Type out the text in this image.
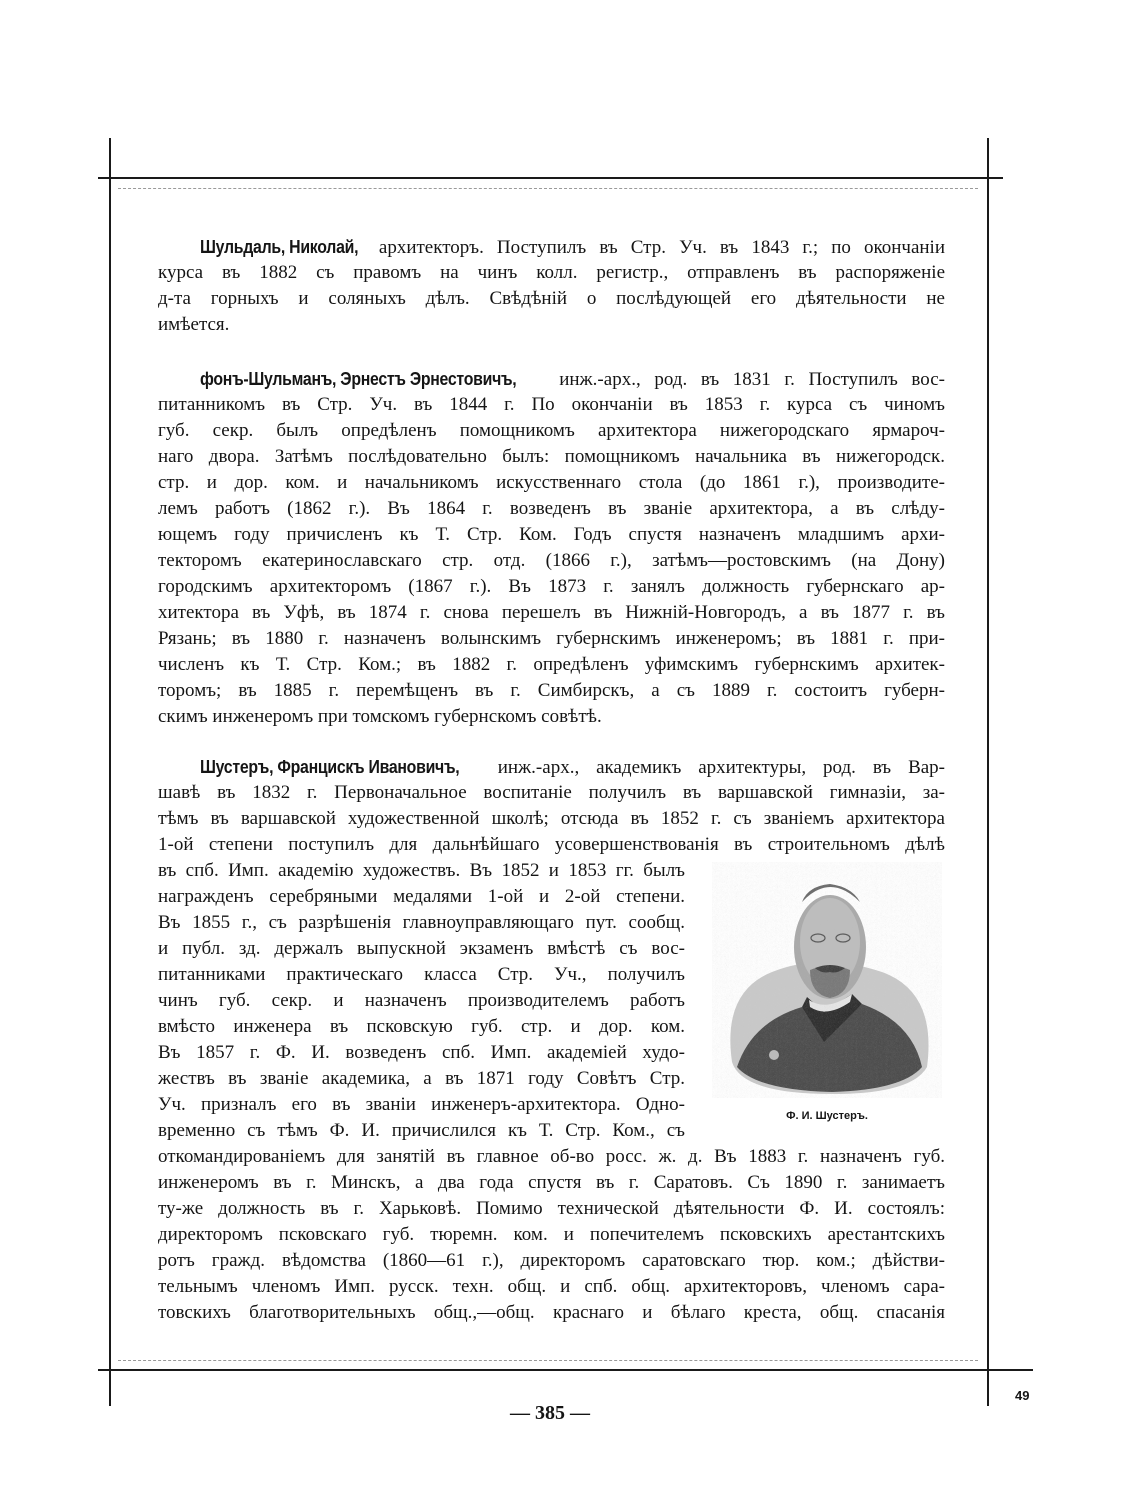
Шульдаль, Николай, архитекторъ. Поступилъ въ Стр. Уч. въ 1843 г.; по окончаніи
курса въ 1882 съ правомъ на чинъ колл. регистр., отправленъ въ распоряженіе
д-та горныхъ и соляныхъ дѣлъ. Свѣдѣній о послѣдующей его дѣятельности не
имѣется.
фонъ-Шульманъ, Эрнестъ Эрнестовичъ, инж.-арх., род. въ 1831 г. Поступилъ вос-
питанникомъ въ Стр. Уч. въ 1844 г. По окончаніи въ 1853 г. курса съ чиномъ
губ. секр. былъ опредѣленъ помощникомъ архитектора нижегородскаго ярмароч-
наго двора. Затѣмъ послѣдовательно былъ: помощникомъ начальника въ нижегородск.
стр. и дор. ком. и начальникомъ искусственнаго стола (до 1861 г.), производите-
лемъ работъ (1862 г.). Въ 1864 г. возведенъ въ званіе архитектора, а въ слѣду-
ющемъ году причисленъ къ Т. Стр. Ком. Годъ спустя назначенъ младшимъ архи-
текторомъ екатеринославскаго стр. отд. (1866 г.), затѣмъ—ростовскимъ (на Дону)
городскимъ архитекторомъ (1867 г.). Въ 1873 г. занялъ должность губернскаго ар-
хитектора въ Уфѣ, въ 1874 г. снова перешелъ въ Нижній-Новгородъ, а въ 1877 г. въ
Рязань; въ 1880 г. назначенъ волынскимъ губернскимъ инженеромъ; въ 1881 г. при-
численъ къ Т. Стр. Ком.; въ 1882 г. опредѣленъ уфимскимъ губернскимъ архитек-
торомъ; въ 1885 г. перемѣщенъ въ г. Симбирскъ, а съ 1889 г. состоитъ губерн-
скимъ инженеромъ при томскомъ губернскомъ совѣтѣ.
Шустеръ, Францискъ Ивановичъ, инж.-арх., академикъ архитектуры, род. въ Вар-
шавѣ въ 1832 г. Первоначальное воспитаніе получилъ въ варшавской гимназіи, за-
тѣмъ въ варшавской художественной школѣ; отсюда въ 1852 г. съ званіемъ архитектора
1-ой степени поступилъ для дальнѣйшаго усовершенствованія въ строительномъ дѣлѣ
въ спб. Имп. академію художествъ. Въ 1852 и 1853 гг. былъ
награжденъ серебряными медалями 1-ой и 2-ой степени.
Въ 1855 г., съ разрѣшенія главноуправляющаго пут. сообщ.
и публ. зд. держалъ выпускной экзаменъ вмѣстѣ съ вос-
питанниками практическаго класса Стр. Уч., получилъ
чинъ губ. секр. и назначенъ производителемъ работъ
вмѣсто инженера въ псковскую губ. стр. и дор. ком.
Въ 1857 г. Ф. И. возведенъ спб. Имп. академіей худо-
жествъ въ званіе академика, а въ 1871 году Совѣтъ Стр.
Уч. призналъ его въ званіи инженеръ-архитектора. Одно-
временно съ тѣмъ Ф. И. причислился къ Т. Стр. Ком., съ
откомандированіемъ для занятій въ главное об-во росс. ж. д. Въ 1883 г. назначенъ губ.
инженеромъ въ г. Минскъ, а два года спустя въ г. Саратовъ. Съ 1890 г. занимаетъ
ту-же должность въ г. Харьковѣ. Помимо технической дѣятельности Ф. И. состоялъ:
директоромъ псковскаго губ. тюремн. ком. и попечителемъ псковскихъ арестантскихъ
ротъ гражд. вѣдомства (1860—61 г.), директоромъ саратовскаго тюр. ком.; дѣйстви-
тельнымъ членомъ Имп. русск. техн. общ. и спб. общ. архитекторовъ, членомъ сара-
товскихъ благотворительныхъ общ.,—общ. краснаго и бѣлаго креста, общ. спасанія
Ф. И. Шустеръ.
— 385 —
49
